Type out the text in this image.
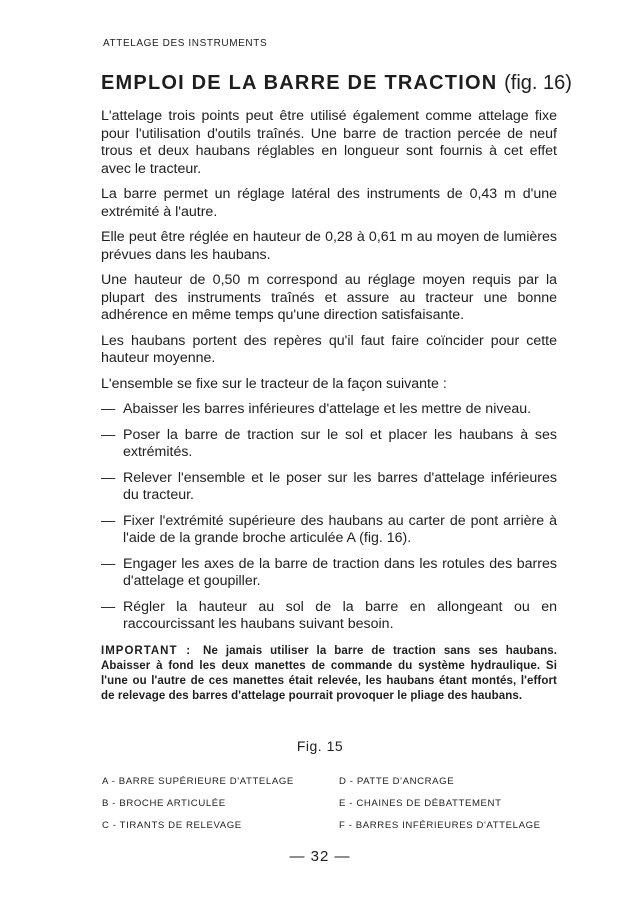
ATTELAGE DES INSTRUMENTS
EMPLOI DE LA BARRE DE TRACTION (fig. 16)

L'attelage trois points peut être utilisé également comme attelage fixe pour l'utilisation d'outils traînés. Une barre de traction percée de neuf trous et deux haubans réglables en longueur sont fournis à cet effet avec le tracteur.

La barre permet un réglage latéral des instruments de 0,43 m d'une extrémité à l'autre.

Elle peut être réglée en hauteur de 0,28 à 0,61 m au moyen de lumières prévues dans les haubans.

Une hauteur de 0,50 m correspond au réglage moyen requis par la plupart des instruments traînés et assure au tracteur une bonne adhérence en même temps qu'une direction satisfaisante.

Les haubans portent des repères qu'il faut faire coïncider pour cette hauteur moyenne.

L'ensemble se fixe sur le tracteur de la façon suivante :

— Abaisser les barres inférieures d'attelage et les mettre de niveau.
— Poser la barre de traction sur le sol et placer les haubans à ses extrémités.
— Relever l'ensemble et le poser sur les barres d'attelage inférieures du tracteur.
— Fixer l'extrémité supérieure des haubans au carter de pont arrière à l'aide de la grande broche articulée A (fig. 16).
— Engager les axes de la barre de traction dans les rotules des barres d'attelage et goupiller.
— Régler la hauteur au sol de la barre en allongeant ou en raccourcissant les haubans suivant besoin.
IMPORTANT : Ne jamais utiliser la barre de traction sans ses haubans. Abaisser à fond les deux manettes de commande du système hydraulique. Si l'une ou l'autre de ces manettes était relevée, les haubans étant montés, l'effort de relevage des barres d'attelage pourrait provoquer le pliage des haubans.
Fig. 15
A - BARRE SUPÉRIEURE D'ATTELAGE
B - BROCHE ARTICULÉE
C - TIRANTS DE RELEVAGE
D - PATTE D'ANCRAGE
E - CHAINES DE DÉBATTEMENT
F - BARRES INFÉRIEURES D'ATTELAGE
— 32 —
